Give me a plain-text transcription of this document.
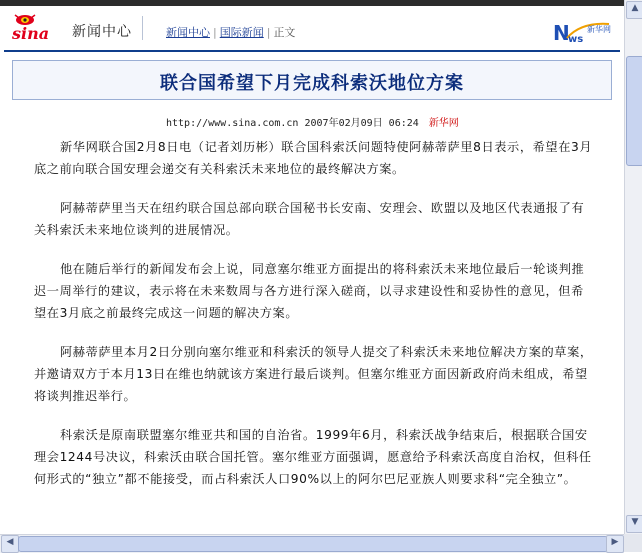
sina 新闻中心	新闻中心 | 国际新闻 | 正文	N
ws
新华网
联合国希望下月完成科索沃地位方案
http://www.sina.com.cn 2007年02月09日 06:24 新华网

新华网联合国2月8日电（记者刘历彬）联合国科索沃问题特使阿赫蒂萨里8日表示，希望在3月底之前向联合国安理会递交有关科索沃未来地位的最终解决方案。

阿赫蒂萨里当天在纽约联合国总部向联合国秘书长安南、安理会、欧盟以及地区代表通报了有关科索沃未来地位谈判的进展情况。

他在随后举行的新闻发布会上说，同意塞尔维亚方面提出的将科索沃未来地位最后一轮谈判推迟一周举行的建议，表示将在未来数周与各方进行深入磋商，以寻求建设性和妥协性的意见，但希望在3月底之前最终完成这一问题的解决方案。

阿赫蒂萨里本月2日分别向塞尔维亚和科索沃的领导人提交了科索沃未来地位解决方案的草案，并邀请双方于本月13日在维也纳就该方案进行最后谈判。但塞尔维亚方面因新政府尚未组成，希望将谈判推迟举行。

科索沃是原南联盟塞尔维亚共和国的自治省。1999年6月，科索沃战争结束后，根据联合国安理会1244号决议，科索沃由联合国托管。塞尔维亚方面强调，愿意给予科索沃高度自治权，但科任何形式的“独立”都不能接受，而占科索沃人口90%以上的阿尔巴尼亚族人则要求科“完全独立”。

▲
▼
◀	▶
